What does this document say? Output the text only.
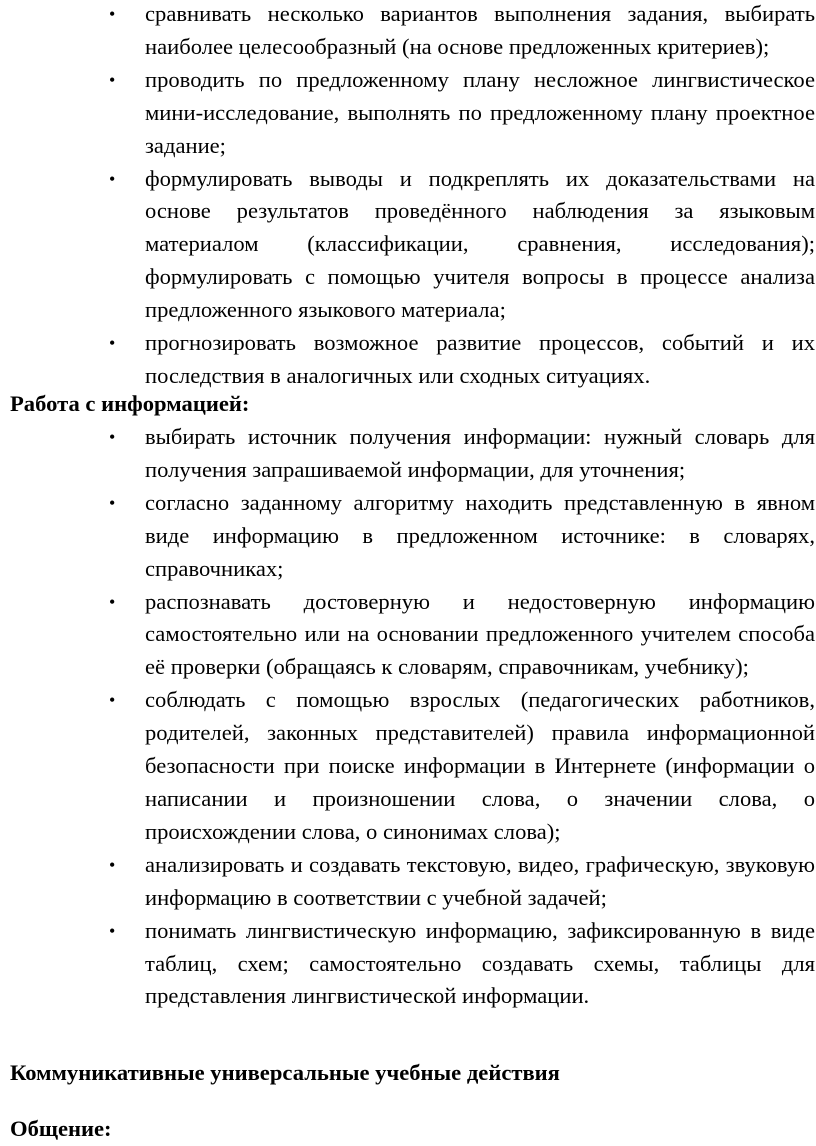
• сравнивать несколько вариантов выполнения задания, выбирать наиболее целесообразный (на основе предложенных критериев);
• проводить по предложенному плану несложное лингвистическое мини-исследование, выполнять по предложенному плану проектное задание;
• формулировать выводы и подкреплять их доказательствами на основе результатов проведённого наблюдения за языковым материалом (классификации, сравнения, исследования); формулировать с помощью учителя вопросы в процессе анализа предложенного языкового материала;
• прогнозировать возможное развитие процессов, событий и их последствия в аналогичных или сходных ситуациях.

Работа с информацией:

• выбирать источник получения информации: нужный словарь для получения запрашиваемой информации, для уточнения;
• согласно заданному алгоритму находить представленную в явном виде информацию в предложенном источнике: в словарях, справочниках;
• распознавать достоверную и недостоверную информацию самостоятельно или на основании предложенного учителем способа её проверки (обращаясь к словарям, справочникам, учебнику);
• соблюдать с помощью взрослых (педагогических работников, родителей, законных представителей) правила информационной безопасности при поиске информации в Интернете (информации о написании и произношении слова, о значении слова, о происхождении слова, о синонимах слова);
• анализировать и создавать текстовую, видео, графическую, звуковую информацию в соответствии с учебной задачей;
• понимать лингвистическую информацию, зафиксированную в виде таблиц, схем; самостоятельно создавать схемы, таблицы для представления лингвистической информации.

Коммуникативные универсальные учебные действия

Общение:
